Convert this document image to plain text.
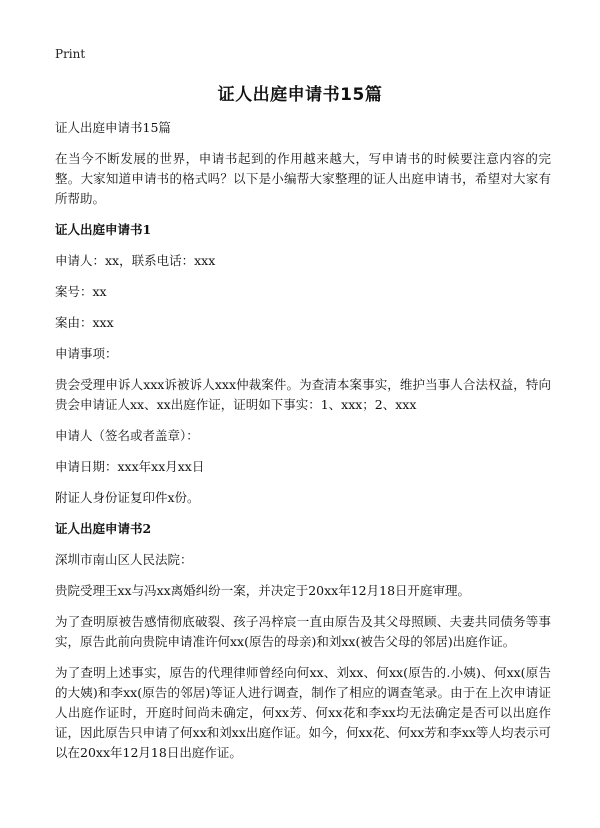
Print
证人出庭申请书15篇

证人出庭申请书15篇

在当今不断发展的世界，申请书起到的作用越来越大，写申请书的时候要注意内容的完整。大家知道申请书的格式吗？以下是小编帮大家整理的证人出庭申请书，希望对大家有所帮助。

证人出庭申请书1

申请人：xx，联系电话：xxx

案号：xx

案由：xxx

申请事项：

贵会受理申诉人xxx诉被诉人xxx仲裁案件。为查清本案事实，维护当事人合法权益，特向贵会申请证人xx、xx出庭作证，证明如下事实：1、xxx；2、xxx

申请人（签名或者盖章）：

申请日期：xxx年xx月xx日

附证人身份证复印件x份。

证人出庭申请书2

深圳市南山区人民法院：

贵院受理王xx与冯xx离婚纠纷一案，并决定于20xx年12月18日开庭审理。

为了查明原被告感情彻底破裂、孩子冯梓宸一直由原告及其父母照顾、夫妻共同债务等事实，原告此前向贵院申请准许何xx(原告的母亲)和刘xx(被告父母的邻居)出庭作证。

为了查明上述事实，原告的代理律师曾经向何xx、刘xx、何xx(原告的.小姨)、何xx(原告的大姨)和李xx(原告的邻居)等证人进行调查，制作了相应的调查笔录。由于在上次申请证人出庭作证时，开庭时间尚未确定，何xx芳、何xx花和李xx均无法确定是否可以出庭作证，因此原告只申请了何xx和刘xx出庭作证。如今，何xx花、何xx芳和李xx等人均表示可以在20xx年12月18日出庭作证。
